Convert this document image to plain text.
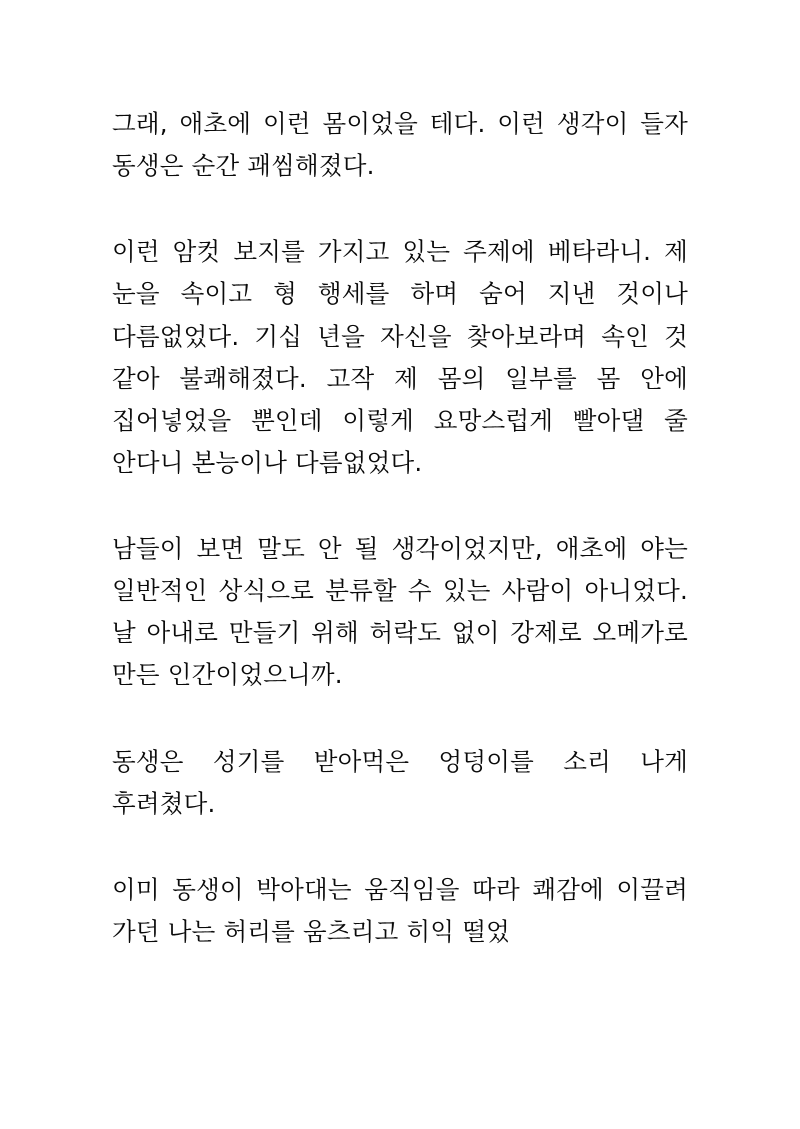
그래, 애초에 이런 몸이었을 테다. 이런 생각이 들자 동생은 순간 괘씸해졌다.

이런 암컷 보지를 가지고 있는 주제에 베타라니. 제 눈을 속이고 형 행세를 하며 숨어 지낸 것이나 다름없었다. 기십 년을 자신을 찾아보라며 속인 것 같아 불쾌해졌다. 고작 제 몸의 일부를 몸 안에 집어넣었을 뿐인데 이렇게 요망스럽게 빨아댈 줄 안다니 본능이나 다름없었다.

남들이 보면 말도 안 될 생각이었지만, 애초에 야는 일반적인 상식으로 분류할 수 있는 사람이 아니었다. 날 아내로 만들기 위해 허락도 없이 강제로 오메가로 만든 인간이었으니까.

동생은 성기를 받아먹은 엉덩이를 소리 나게 후려쳤다.

이미 동생이 박아대는 움직임을 따라 쾌감에 이끌려 가던 나는 허리를 움츠리고 히익 떨었
